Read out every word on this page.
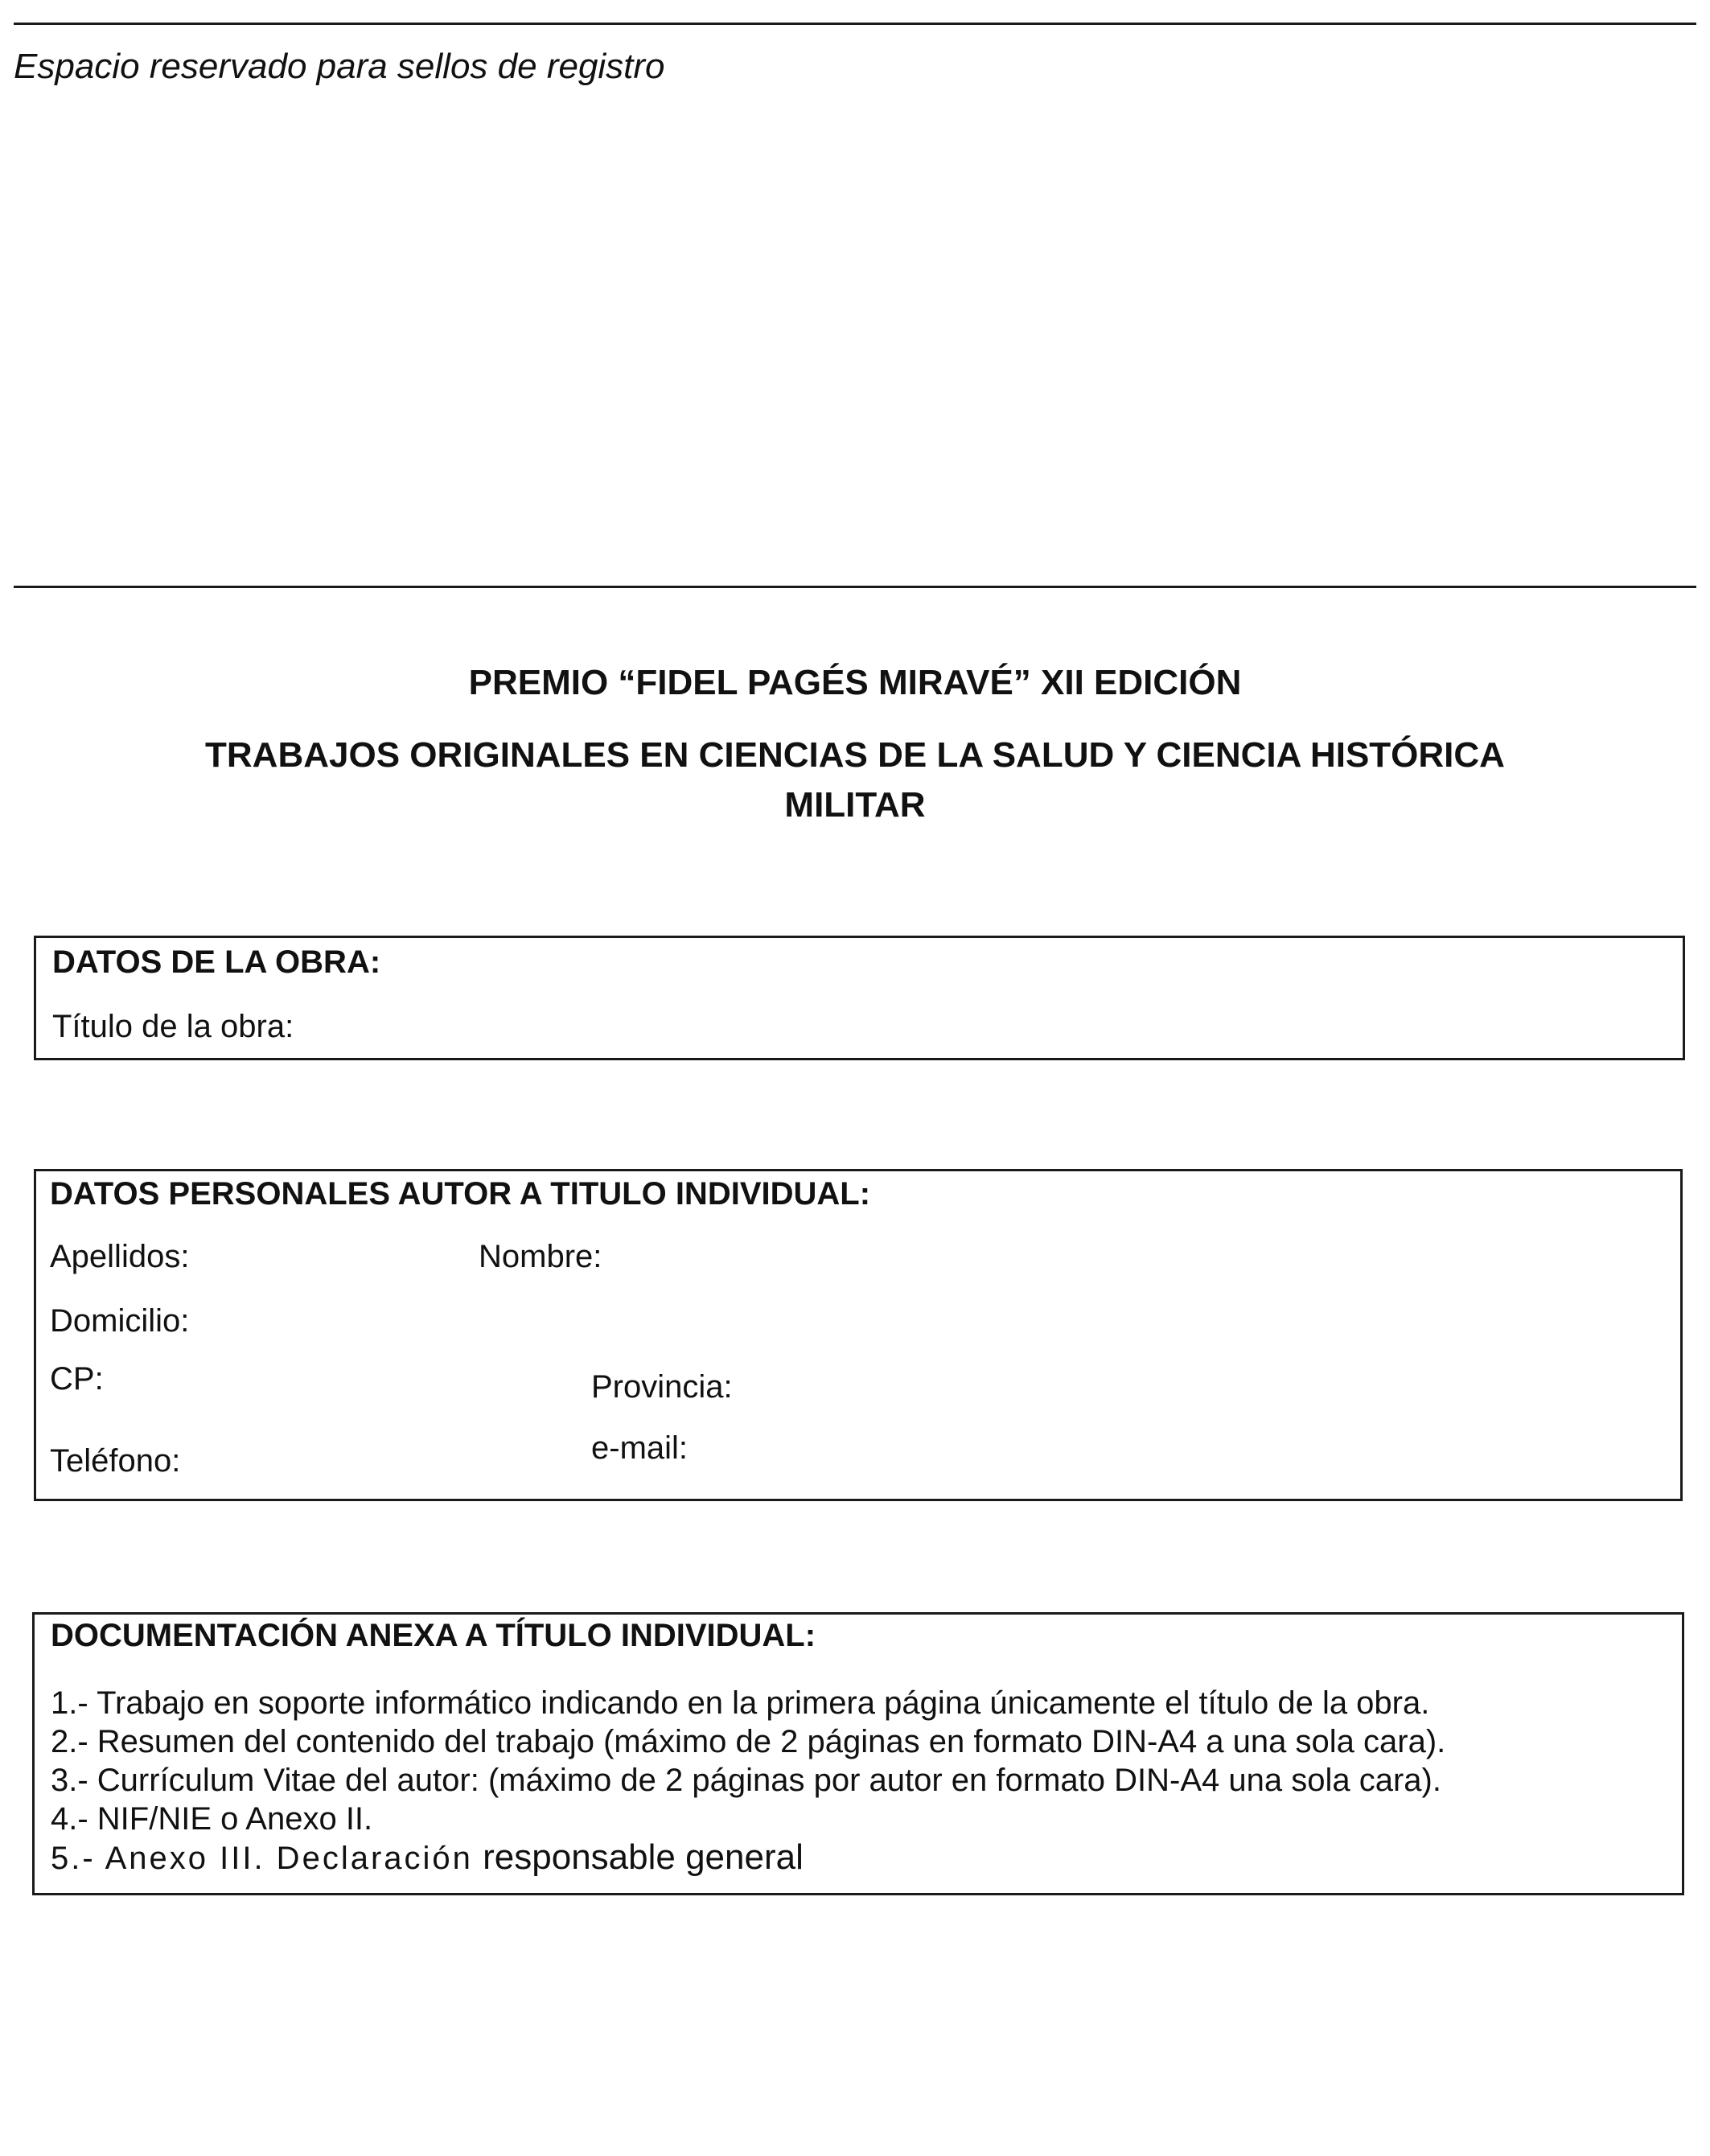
Espacio reservado para sellos de registro
PREMIO “FIDEL PAGÉS MIRAVÉ” XII EDICIÓN
TRABAJOS ORIGINALES EN CIENCIAS DE LA SALUD Y CIENCIA HISTÓRICA
MILITAR
DATOS DE LA OBRA:
Título de la obra:
DATOS PERSONALES AUTOR A TITULO INDIVIDUAL:
Apellidos:	Nombre:
Domicilio:
CP:	Provincia:
Teléfono:	e-mail:
DOCUMENTACIÓN ANEXA A TÍTULO INDIVIDUAL:
1.- Trabajo en soporte informático indicando en la primera página únicamente el título de la obra.
2.- Resumen del contenido del trabajo (máximo de 2 páginas en formato DIN-A4 a una sola cara).
3.- Currículum Vitae del autor: (máximo de 2 páginas por autor en formato DIN-A4 una sola cara).
4.- NIF/NIE o Anexo II.
5.- Anexo III. Declaración responsable general
